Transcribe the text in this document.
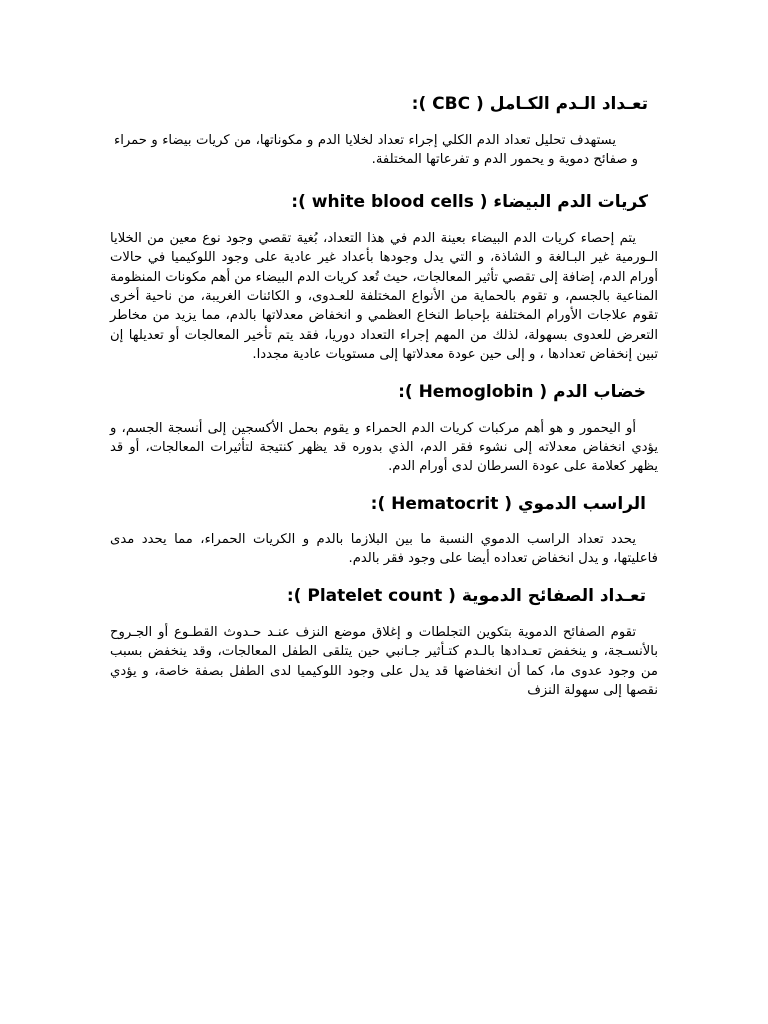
تعـداد الـدم الكـامل ( CBC ):

يستهدف تحليل تعداد الدم الكلي إجراء تعداد لخلايا الدم و مكوناتها، من كريات بيضاء و حمراء و صفائح دموية و يحمور الدم و تفرعاتها المختلفة.

كريات الدم البيضاء ( white blood cells ):

يتم إحصاء كريات الدم البيضاء بعينة الدم في هذا التعداد، بُغية تقصي وجود نوع معين من الخلايا الـورمية غير البـالغة و الشاذة، و التي يدل وجودها بأعداد غير عادية على وجود اللوكيميا في حالات أورام الدم، إضافة إلى تقصي تأثير المعالجات، حيث تُعد كريات الدم البيضاء من أهم مكونات المنظومة المناعية بالجسم، و تقوم بالحماية من الأنواع المختلفة للعـدوى، و الكائنات الغريبة، من ناحية أخرى تقوم علاجات الأورام المختلفة بإحباط النخاع العظمي و انخفاض معدلاتها بالدم، مما يزيد من مخاطر التعرض للعدوى بسهولة، لذلك من المهم إجراء التعداد دوريا، فقد يتم تأخير المعالجات أو تعديلها إن تبين إنخفاض تعدادها ، و إلى حين عودة معدلاتها إلى مستويات عادية مجددا.

خضاب الدم ( Hemoglobin ):

أو اليحمور و هو أهم مركبات كريات الدم الحمراء و يقوم بحمل الأكسجين إلى أنسجة الجسم، و يؤدي انخفاض معدلاته إلى نشوء فقر الدم، الذي بدوره قد يظهر كنتيجة لتأثيرات المعالجات، أو قد يظهر كعلامة على عودة السرطان لدى أورام الدم.

الراسب الدموي ( Hematocrit ):

يحدد تعداد الراسب الدموي النسبة ما بين البلازما بالدم و الكريات الحمراء، مما يحدد مدى فاعليتها، و يدل انخفاض تعداده أيضا على وجود فقر بالدم.

تعـداد الصفائح الدموية ( Platelet count ):

تقوم الصفائح الدموية بتكوين التجلطات و إغلاق موضع النزف عنـد حـدوث القطـوع أو الجـروح بالأنسـجة، و ينخفض تعـدادها بالـدم كتـأثير جـانبي حين يتلقى الطفل المعالجات، وقد ينخفض بسبب من وجود عدوى ما، كما أن انخفاضها قد يدل على وجود اللوكيميا لدى الطفل بصفة خاصة، و يؤدي نقصها إلى سهولة النزف
